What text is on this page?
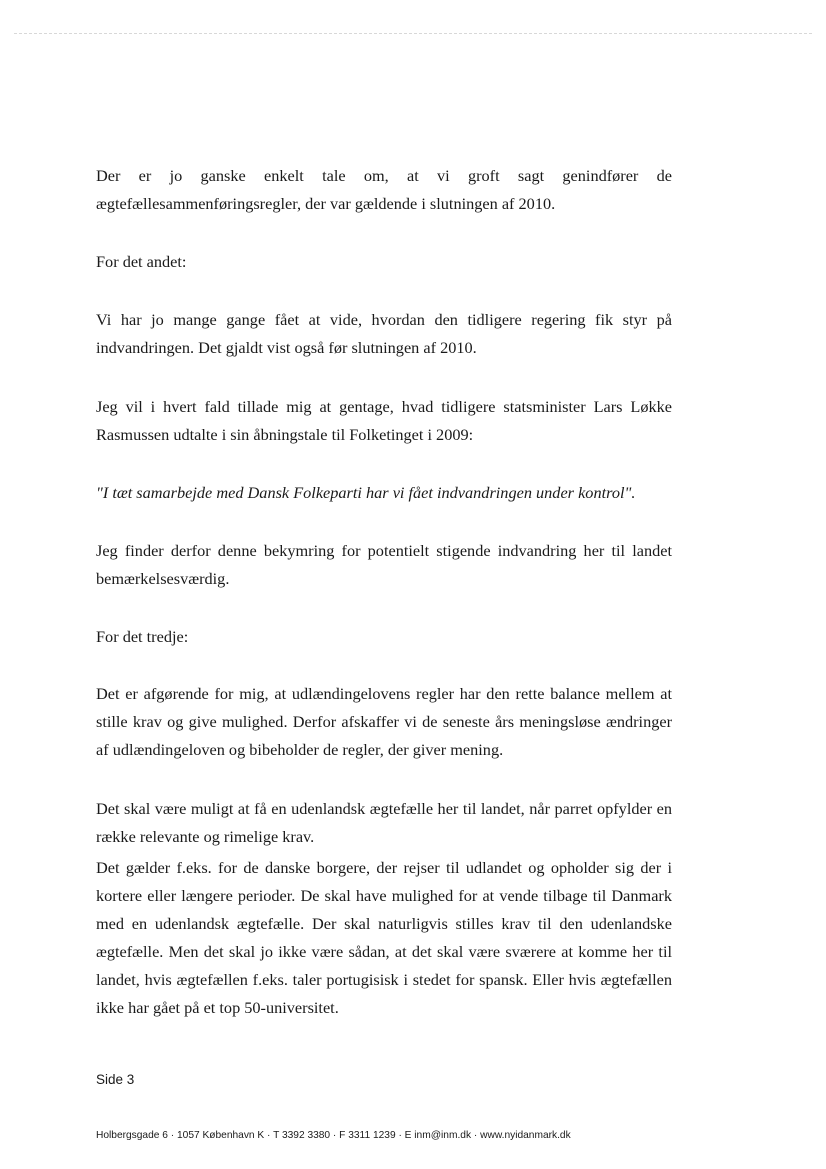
Der er jo ganske enkelt tale om, at vi groft sagt genindfører de ægtefællesammenføringsregler, der var gældende i slutningen af 2010.

For det andet:

Vi har jo mange gange fået at vide, hvordan den tidligere regering fik styr på indvandringen. Det gjaldt vist også før slutningen af 2010.

Jeg vil i hvert fald tillade mig at gentage, hvad tidligere statsminister Lars Løkke Rasmussen udtalte i sin åbningstale til Folketinget i 2009:

"I tæt samarbejde med Dansk Folkeparti har vi fået indvandringen under kontrol".

Jeg finder derfor denne bekymring for potentielt stigende indvandring her til landet bemærkelsesværdig.

For det tredje:

Det er afgørende for mig, at udlændingelovens regler har den rette balance mellem at stille krav og give mulighed. Derfor afskaffer vi de seneste års meningsløse ændringer af udlændingeloven og bibeholder de regler, der giver mening.

Det skal være muligt at få en udenlandsk ægtefælle her til landet, når parret opfylder en række relevante og rimelige krav.

Det gælder f.eks. for de danske borgere, der rejser til udlandet og opholder sig der i kortere eller længere perioder. De skal have mulighed for at vende tilbage til Danmark med en udenlandsk ægtefælle. Der skal naturligvis stilles krav til den udenlandske ægtefælle. Men det skal jo ikke være sådan, at det skal være sværere at komme her til landet, hvis ægtefællen f.eks. taler portugisisk i stedet for spansk. Eller hvis ægtefællen ikke har gået på et top 50-universitet.

Side 3
Holbergsgade 6 · 1057 København K · T 3392 3380 · F 3311 1239 · E inm@inm.dk · www.nyidanmark.dk
